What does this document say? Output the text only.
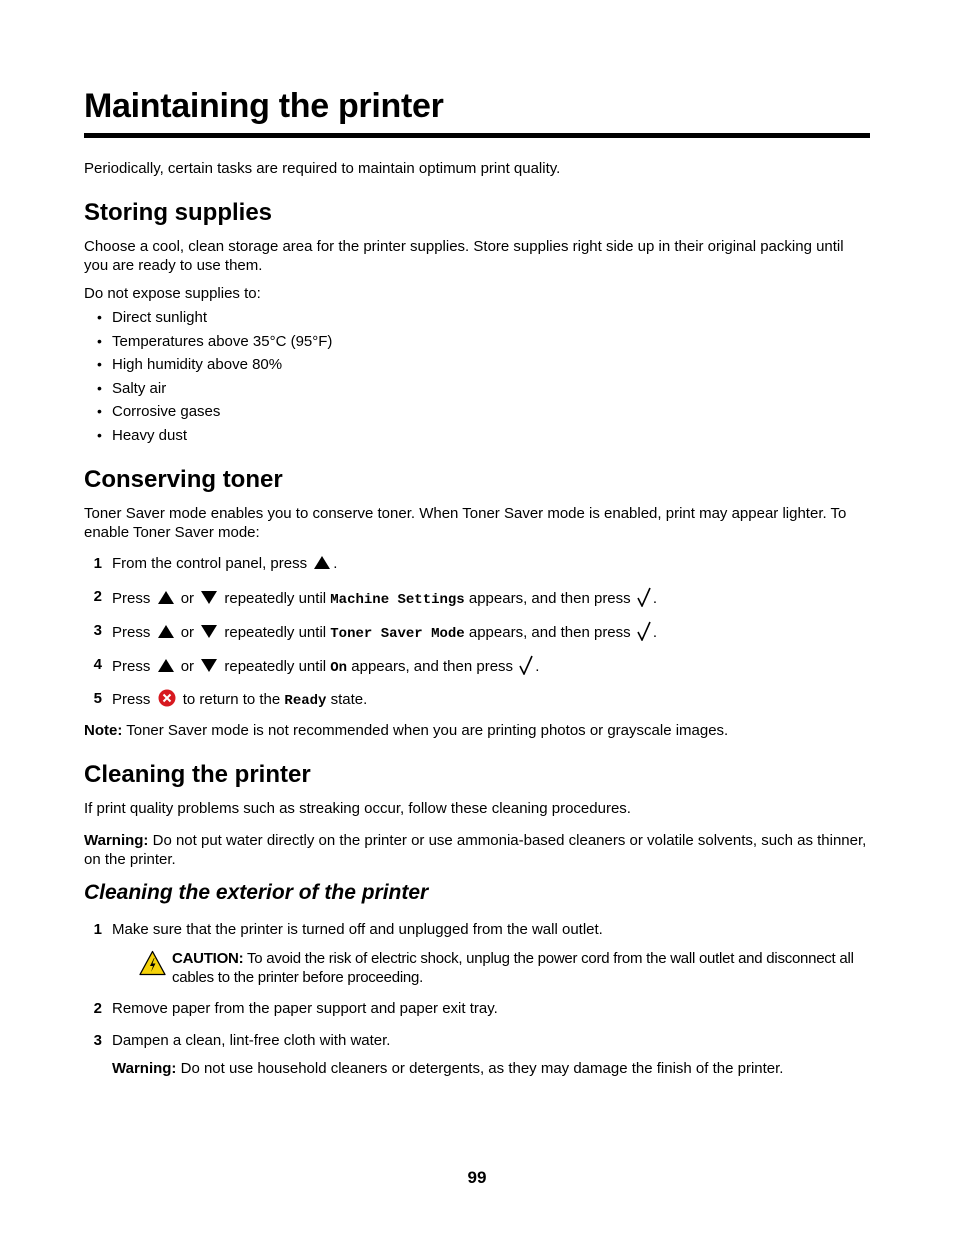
Maintaining the printer

Periodically, certain tasks are required to maintain optimum print quality.

Storing supplies

Choose a cool, clean storage area for the printer supplies. Store supplies right side up in their original packing until you are ready to use them.

Do not expose supplies to:

• Direct sunlight
• Temperatures above 35°C (95°F)
• High humidity above 80%
• Salty air
• Corrosive gases
• Heavy dust
Conserving toner

Toner Saver mode enables you to conserve toner. When Toner Saver mode is enabled, print may appear lighter. To enable Toner Saver mode:

1 From the control panel, press .
2 Press or repeatedly until Machine Settings appears, and then press .
3 Press or repeatedly until Toner Saver Mode appears, and then press .
4 Press or repeatedly until On appears, and then press .
5 Press to return to the Ready state.

Note: Toner Saver mode is not recommended when you are printing photos or grayscale images.

Cleaning the printer

If print quality problems such as streaking occur, follow these cleaning procedures.

Warning: Do not put water directly on the printer or use ammonia-based cleaners or volatile solvents, such as thinner, on the printer.

Cleaning the exterior of the printer
1 Make sure that the printer is turned off and unplugged from the wall outlet.

CAUTION: To avoid the risk of electric shock, unplug the power cord from the wall outlet and disconnect all cables to the printer before proceeding.

2 Remove paper from the paper support and paper exit tray.
3 Dampen a clean, lint-free cloth with water.

Warning: Do not use household cleaners or detergents, as they may damage the finish of the printer.

99
